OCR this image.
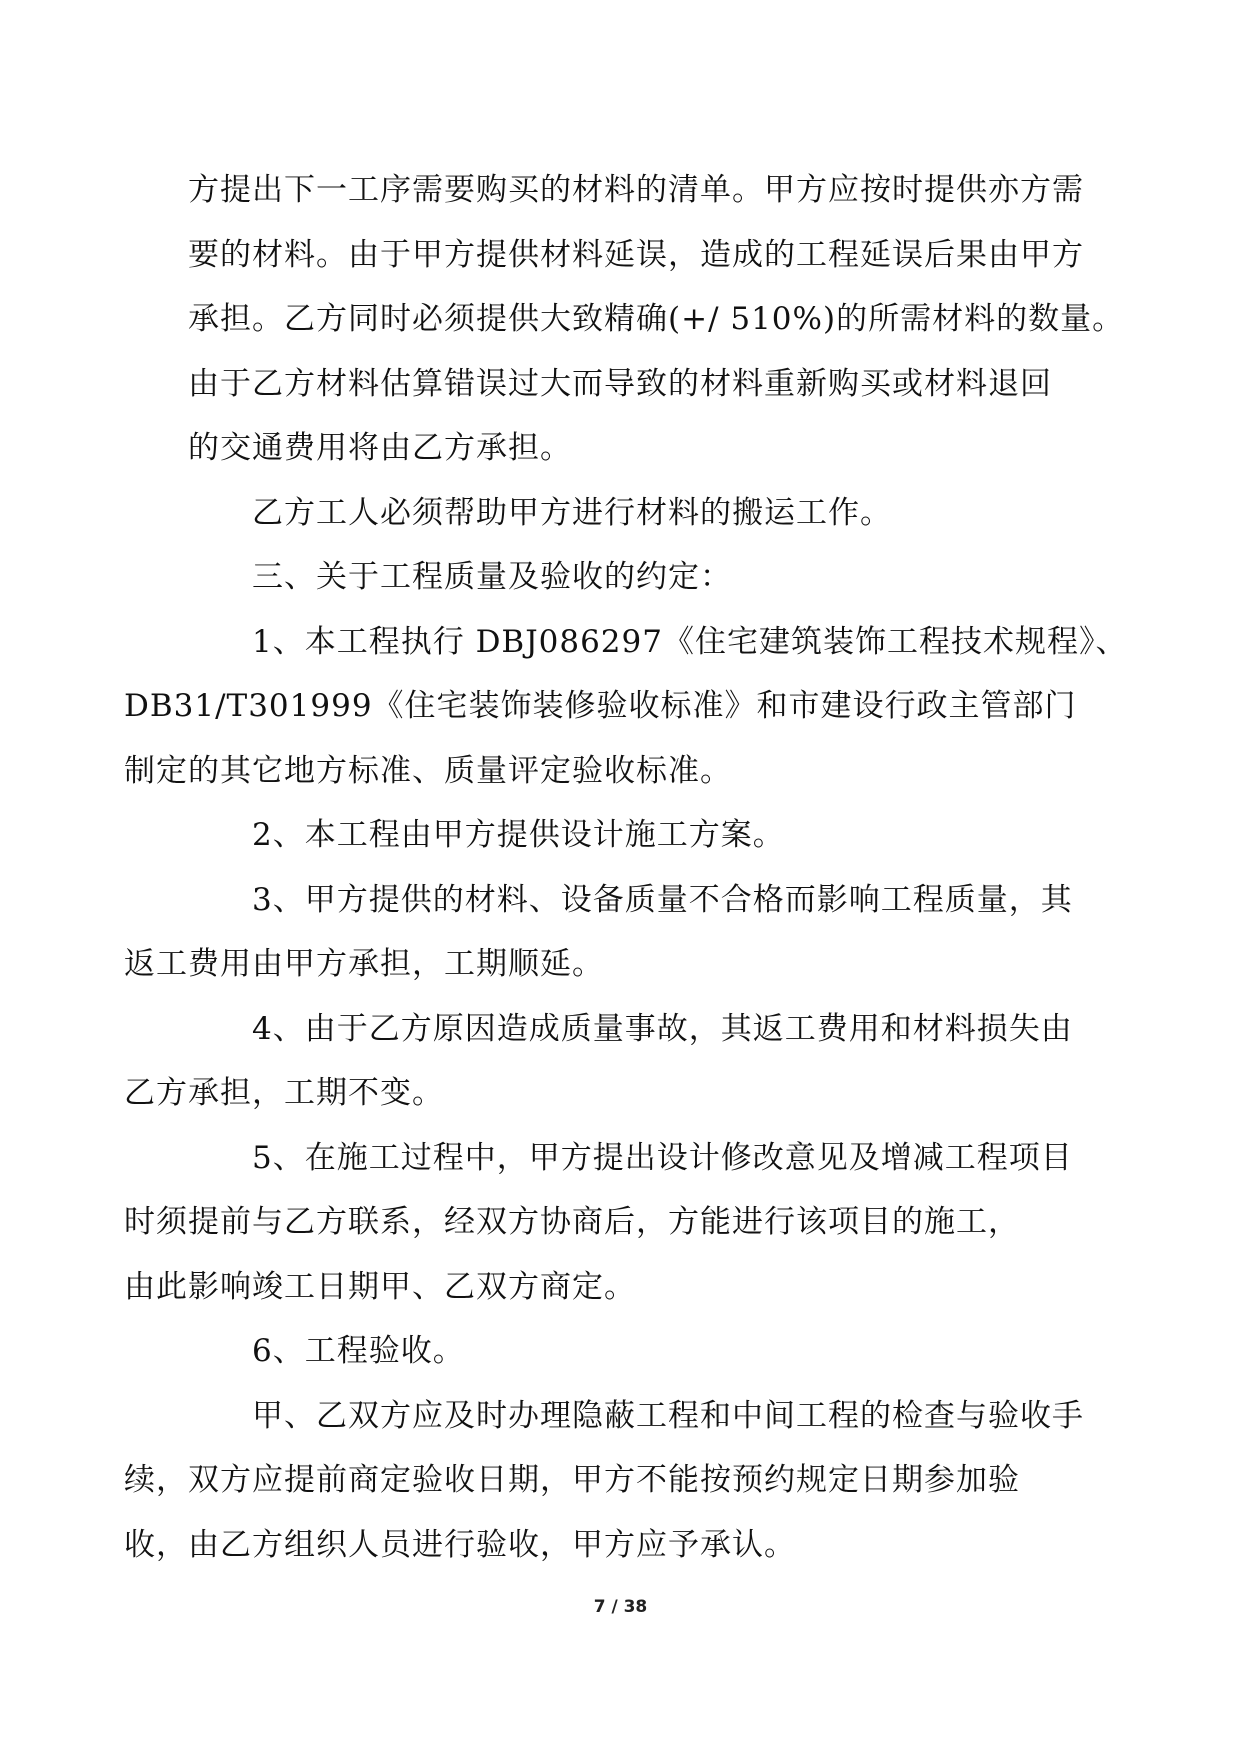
方提出下一工序需要购买的材料的清单。甲方应按时提供亦方需
要的材料。由于甲方提供材料延误，造成的工程延误后果由甲方
承担。乙方同时必须提供大致精确(+/ 510%)的所需材料的数量。
由于乙方材料估算错误过大而导致的材料重新购买或材料退回
的交通费用将由乙方承担。

乙方工人必须帮助甲方进行材料的搬运工作。

三、关于工程质量及验收的约定：

1、本工程执行 DBJ086297《住宅建筑装饰工程技术规程》、
DB31/T301999《住宅装饰装修验收标准》和市建设行政主管部门
制定的其它地方标准、质量评定验收标准。

2、本工程由甲方提供设计施工方案。

3、甲方提供的材料、设备质量不合格而影响工程质量，其
返工费用由甲方承担，工期顺延。

4、由于乙方原因造成质量事故，其返工费用和材料损失由
乙方承担，工期不变。

5、在施工过程中，甲方提出设计修改意见及增减工程项目
时须提前与乙方联系，经双方协商后，方能进行该项目的施工，
由此影响竣工日期甲、乙双方商定。

6、工程验收。

甲、乙双方应及时办理隐蔽工程和中间工程的检查与验收手
续，双方应提前商定验收日期，甲方不能按预约规定日期参加验
收，由乙方组织人员进行验收，甲方应予承认。

7 / 38
